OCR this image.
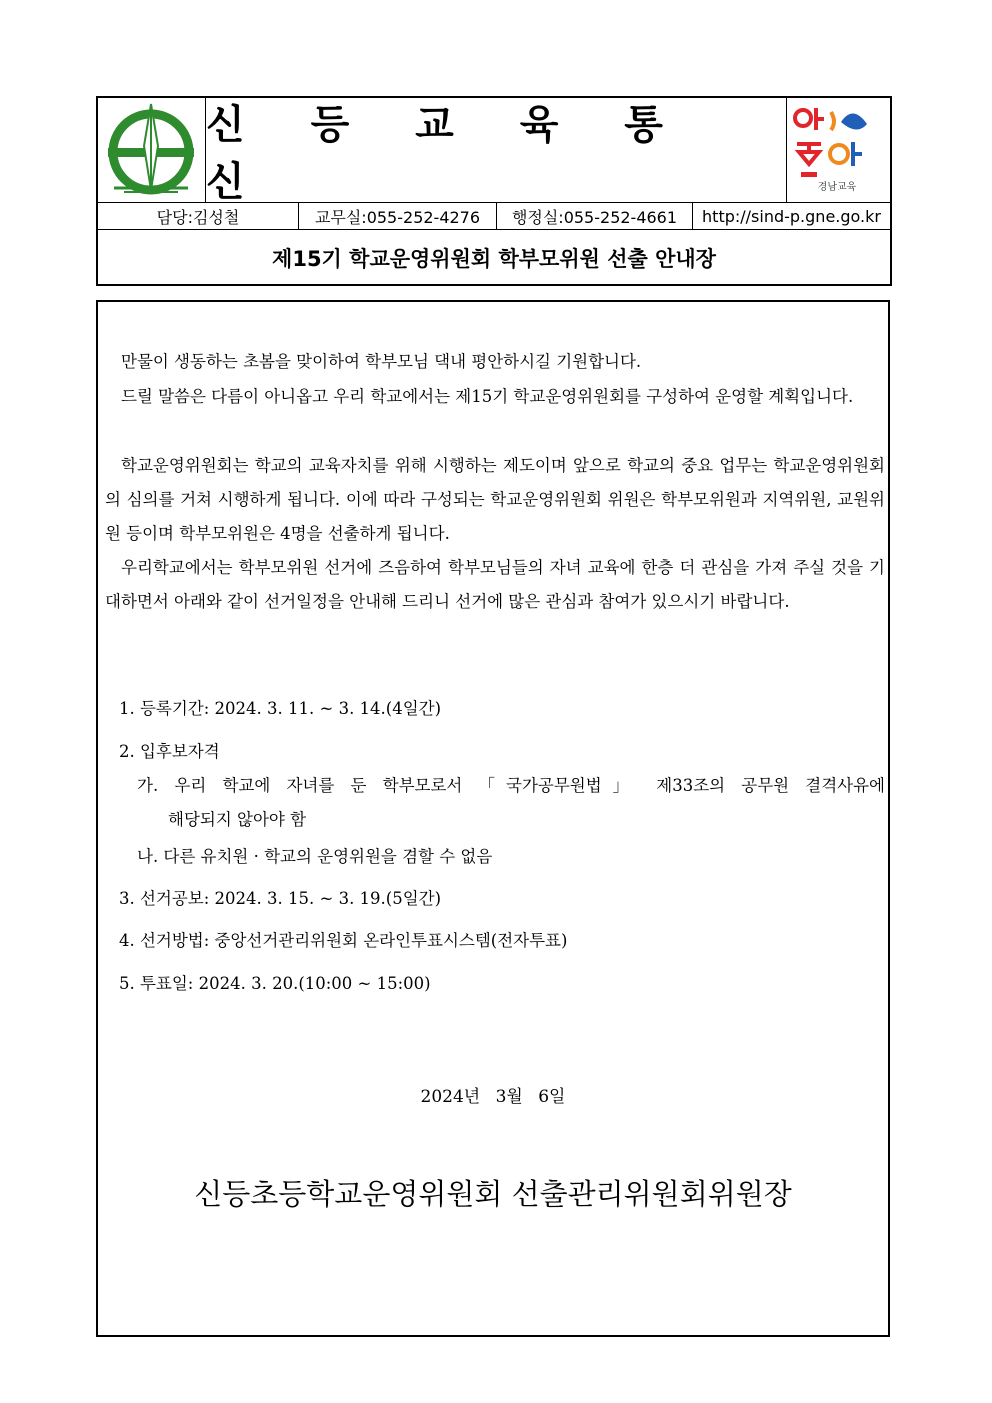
신 등 교 육 통 신	경남교육
담당:김성철	교무실:055-252-4276	행정실:055-252-4661	http://sind-p.gne.go.kr
제15기 학교운영위원회 학부모위원 선출 안내장
만물이 생동하는 초봄을 맞이하여 학부모님 댁내 평안하시길 기원합니다.
드릴 말씀은 다름이 아니옵고 우리 학교에서는 제15기 학교운영위원회를 구성하여 운영할 계획입니다.
학교운영위원회는 학교의 교육자치를 위해 시행하는 제도이며 앞으로 학교의 중요 업무는 학교운영위원회의 심의를 거쳐 시행하게 됩니다. 이에 따라 구성되는 학교운영위원회 위원은 학부모위원과 지역위원, 교원위원 등이며 학부모위원은 4명을 선출하게 됩니다.
우리학교에서는 학부모위원 선거에 즈음하여 학부모님들의 자녀 교육에 한층 더 관심을 가져 주실 것을 기대하면서 아래와 같이 선거일정을 안내해 드리니 선거에 많은 관심과 참여가 있으시기 바랍니다.
1. 등록기간: 2024. 3. 11. ~ 3. 14.(4일간)
2. 입후보자격
가. 우리 학교에 자녀를 둔 학부모로서 「국가공무원법」 제33조의 공무원 결격사유에
해당되지 않아야 함
나. 다른 유치원 · 학교의 운영위원을 겸할 수 없음
3. 선거공보: 2024. 3. 15. ~ 3. 19.(5일간)
4. 선거방법: 중앙선거관리위원회 온라인투표시스템(전자투표)
5. 투표일: 2024. 3. 20.(10:00 ~ 15:00)
2024년 3월 6일
신등초등학교운영위원회 선출관리위원회위원장
